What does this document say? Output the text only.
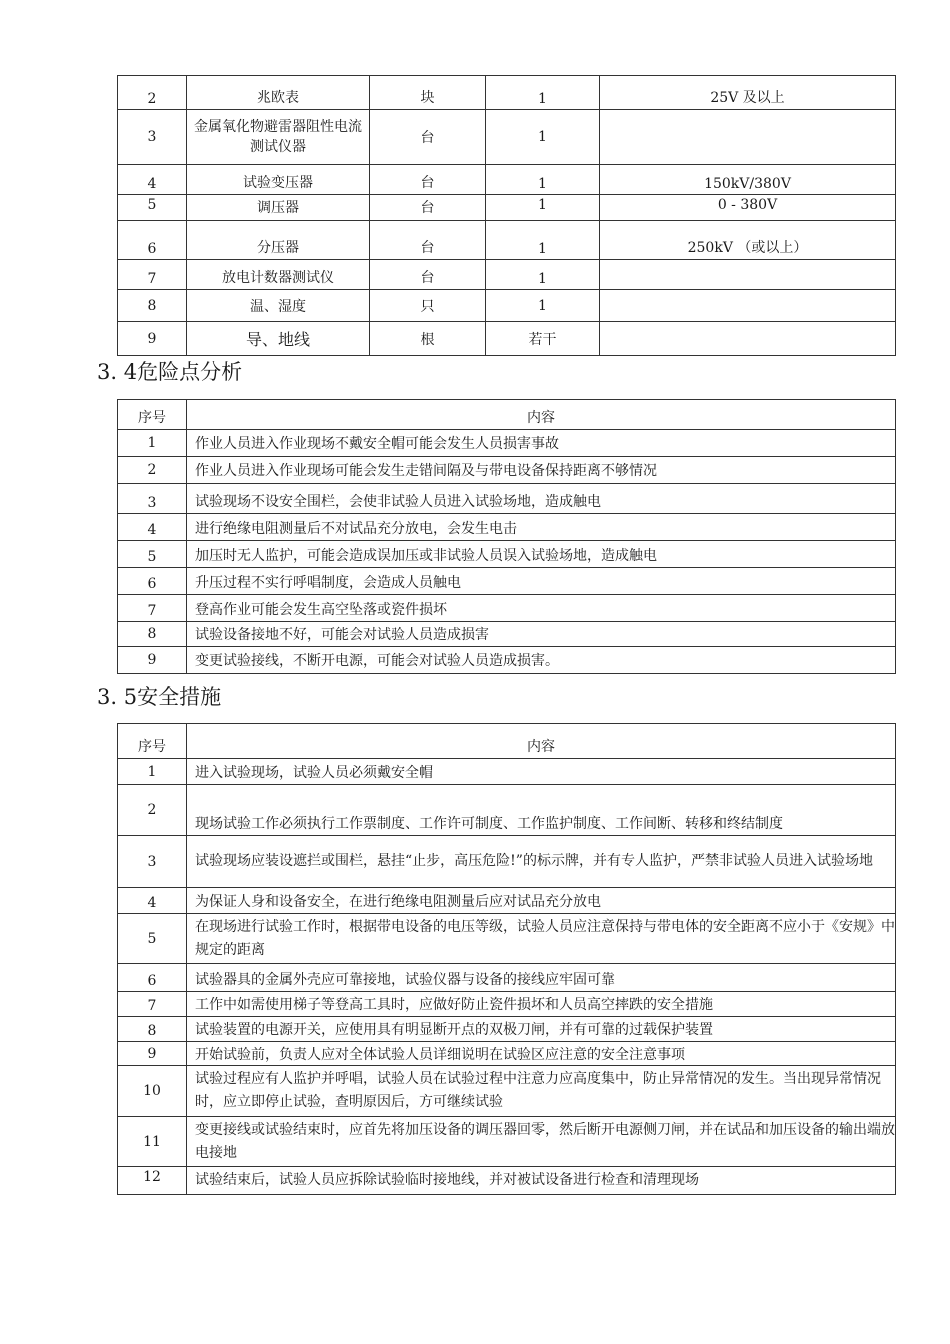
2	兆欧表	块	1	25V 及以上
3	金属氧化物避雷器阻性电流测试仪器	台	1	
4	试验变压器	台	1	150kV/380V
5	调压器	台	1	0 - 380V
6	分压器	台	1	250kV （或以上）
7	放电计数器测试仪	台	1	
8	温、湿度	只	1	
9	导、地线	根	若干	
3. 4危险点分析
序号	内容
1	作业人员进入作业现场不戴安全帽可能会发生人员损害事故
2	作业人员进入作业现场可能会发生走错间隔及与带电设备保持距离不够情况
3	试验现场不设安全围栏，会使非试验人员进入试验场地，造成触电
4	进行绝缘电阻测量后不对试品充分放电，会发生电击
5	加压时无人监护，可能会造成误加压或非试验人员误入试验场地，造成触电
6	升压过程不实行呼唱制度，会造成人员触电
7	登高作业可能会发生高空坠落或瓷件损坏
8	试验设备接地不好，可能会对试验人员造成损害
9	变更试验接线，不断开电源，可能会对试验人员造成损害。
3. 5安全措施
序号	内容
1	进入试验现场，试验人员必须戴安全帽
2	现场试验工作必须执行工作票制度、工作许可制度、工作监护制度、工作间断、转移和终结制度
3	试验现场应装设遮拦或围栏，悬挂“止步，高压危险!”的标示牌，并有专人监护，严禁非试验人员进入试验场地
4	为保证人身和设备安全，在进行绝缘电阻测量后应对试品充分放电
5	在现场进行试验工作时，根据带电设备的电压等级，试验人员应注意保持与带电体的安全距离不应小于《安规》中规定的距离
6	试验器具的金属外壳应可靠接地，试验仪器与设备的接线应牢固可靠
7	工作中如需使用梯子等登高工具时，应做好防止瓷件损坏和人员高空摔跌的安全措施
8	试验装置的电源开关，应使用具有明显断开点的双极刀闸，并有可靠的过载保护装置
9	开始试验前，负责人应对全体试验人员详细说明在试验区应注意的安全注意事项
10	试验过程应有人监护并呼唱，试验人员在试验过程中注意力应高度集中，防止异常情况的发生。当出现异常情况时，应立即停止试验，查明原因后，方可继续试验
11	变更接线或试验结束时，应首先将加压设备的调压器回零，然后断开电源侧刀闸，并在试品和加压设备的输出端放电接地
12	试验结束后，试验人员应拆除试验临时接地线，并对被试设备进行检查和清理现场
